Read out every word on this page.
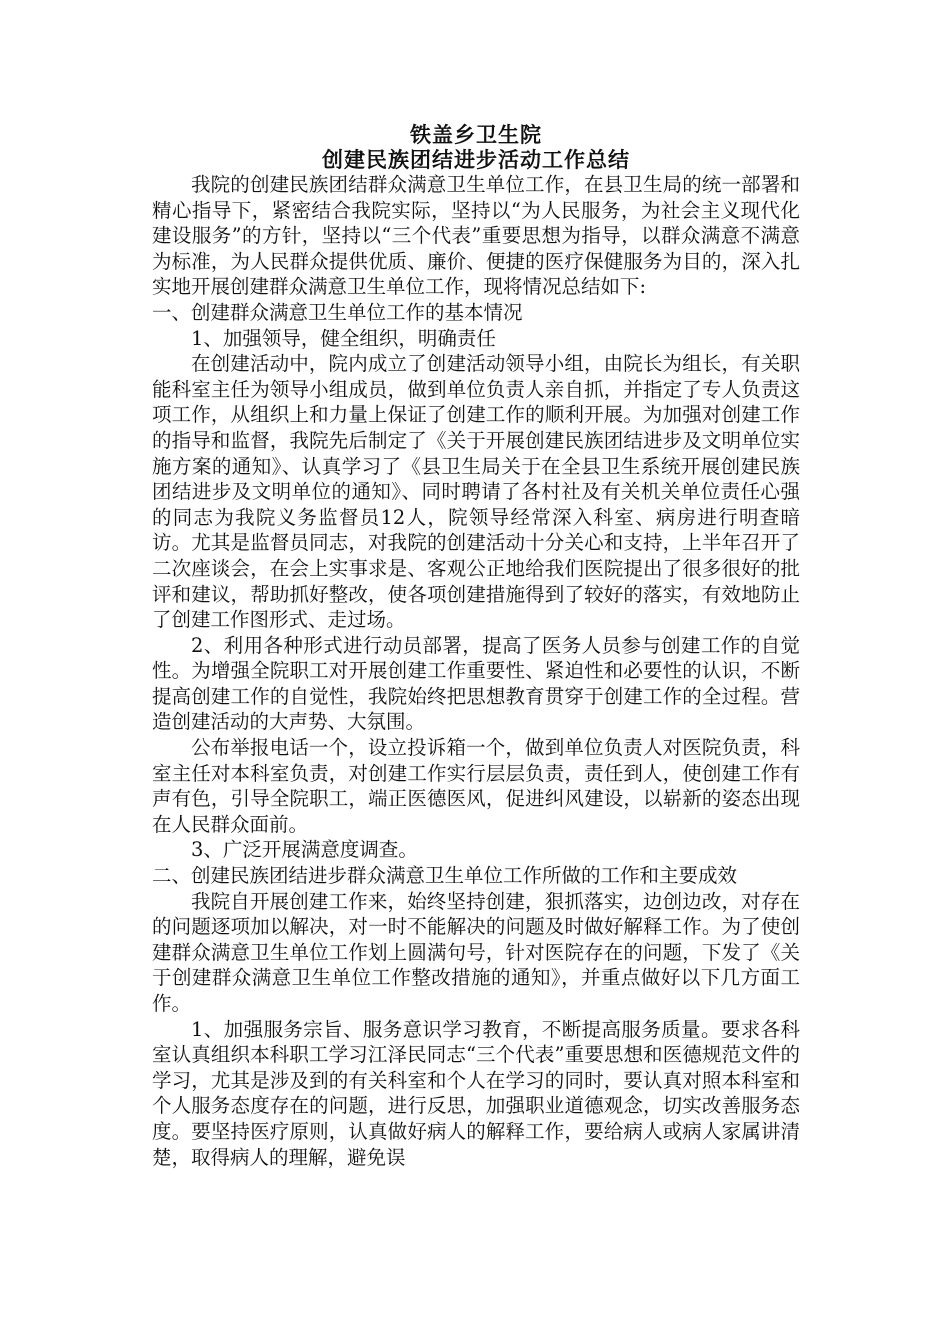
铁盖乡卫生院
创建民族团结进步活动工作总结

我院的创建民族团结群众满意卫生单位工作，在县卫生局的统一部署和精心指导下，紧密结合我院实际，坚持以“为人民服务，为社会主义现代化建设服务”的方针，坚持以“三个代表”重要思想为指导，以群众满意不满意为标准，为人民群众提供优质、廉价、便捷的医疗保健服务为目的，深入扎实地开展创建群众满意卫生单位工作，现将情况总结如下:

一、创建群众满意卫生单位工作的基本情况

1、加强领导，健全组织，明确责任

在创建活动中，院内成立了创建活动领导小组，由院长为组长，有关职能科室主任为领导小组成员，做到单位负责人亲自抓，并指定了专人负责这项工作，从组织上和力量上保证了创建工作的顺利开展。为加强对创建工作的指导和监督，我院先后制定了《关于开展创建民族团结进步及文明单位实施方案的通知》、认真学习了《县卫生局关于在全县卫生系统开展创建民族团结进步及文明单位的通知》、同时聘请了各村社及有关机关单位责任心强的同志为我院义务监督员12人，院领导经常深入科室、病房进行明查暗访。尤其是监督员同志，对我院的创建活动十分关心和支持，上半年召开了二次座谈会，在会上实事求是、客观公正地给我们医院提出了很多很好的批评和建议，帮助抓好整改，使各项创建措施得到了较好的落实，有效地防止了创建工作图形式、走过场。

2、利用各种形式进行动员部署，提高了医务人员参与创建工作的自觉性。为增强全院职工对开展创建工作重要性、紧迫性和必要性的认识，不断提高创建工作的自觉性，我院始终把思想教育贯穿于创建工作的全过程。营造创建活动的大声势、大氛围。

公布举报电话一个，设立投诉箱一个，做到单位负责人对医院负责，科室主任对本科室负责，对创建工作实行层层负责，责任到人，使创建工作有声有色，引导全院职工，端正医德医风，促进纠风建设，以崭新的姿态出现在人民群众面前。

3、广泛开展满意度调查。

二、创建民族团结进步群众满意卫生单位工作所做的工作和主要成效

我院自开展创建工作来，始终坚持创建，狠抓落实，边创边改，对存在的问题逐项加以解决，对一时不能解决的问题及时做好解释工作。为了使创建群众满意卫生单位工作划上圆满句号，针对医院存在的问题，下发了《关于创建群众满意卫生单位工作整改措施的通知》，并重点做好以下几方面工作。

1、加强服务宗旨、服务意识学习教育，不断提高服务质量。要求各科室认真组织本科职工学习江泽民同志“三个代表”重要思想和医德规范文件的学习，尤其是涉及到的有关科室和个人在学习的同时，要认真对照本科室和个人服务态度存在的问题，进行反思，加强职业道德观念，切实改善服务态度。要坚持医疗原则，认真做好病人的解释工作，要给病人或病人家属讲清楚，取得病人的理解，避免误
